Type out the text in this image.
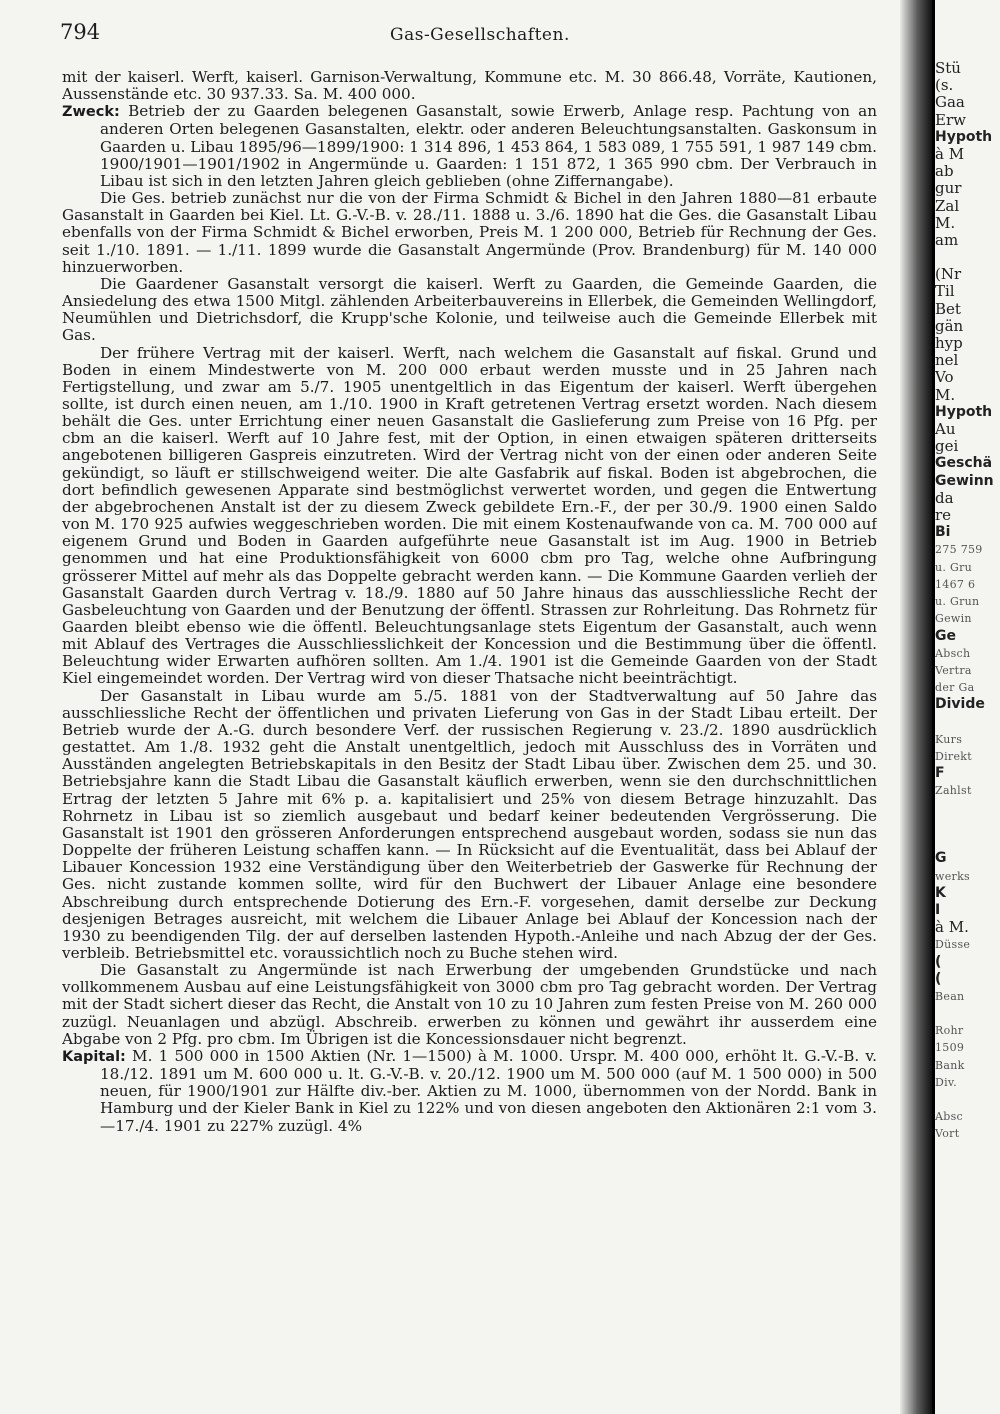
794	Gas-Gesellschaften.

mit der kaiserl. Werft, kaiserl. Garnison-Verwaltung, Kommune etc. M. 30 866.48, Vorräte, Kautionen, Aussenstände etc. 30 937.33. Sa. M. 400 000.

Zweck: Betrieb der zu Gaarden belegenen Gasanstalt, sowie Erwerb, Anlage resp. Pachtung von an anderen Orten belegenen Gasanstalten, elektr. oder anderen Beleuchtungsanstalten. Gaskonsum in Gaarden u. Libau 1895/96—1899/1900: 1 314 896, 1 453 864, 1 583 089, 1 755 591, 1 987 149 cbm. 1900/1901—1901/1902 in Angermünde u. Gaarden: 1 151 872, 1 365 990 cbm. Der Verbrauch in Libau ist sich in den letzten Jahren gleich geblieben (ohne Ziffernangabe).

Die Ges. betrieb zunächst nur die von der Firma Schmidt & Bichel in den Jahren 1880—81 erbaute Gasanstalt in Gaarden bei Kiel. Lt. G.-V.-B. v. 28./11. 1888 u. 3./6. 1890 hat die Ges. die Gasanstalt Libau ebenfalls von der Firma Schmidt & Bichel erworben, Preis M. 1 200 000, Betrieb für Rechnung der Ges. seit 1./10. 1891. — 1./11. 1899 wurde die Gasanstalt Angermünde (Prov. Brandenburg) für M. 140 000 hinzuerworben.

Die Gaardener Gasanstalt versorgt die kaiserl. Werft zu Gaarden, die Gemeinde Gaarden, die Ansiedelung des etwa 1500 Mitgl. zählenden Arbeiterbauvereins in Ellerbek, die Gemeinden Wellingdorf, Neumühlen und Dietrichsdorf, die Krupp'sche Kolonie, und teilweise auch die Gemeinde Ellerbek mit Gas.

Der frühere Vertrag mit der kaiserl. Werft, nach welchem die Gasanstalt auf fiskal. Grund und Boden in einem Mindestwerte von M. 200 000 erbaut werden musste und in 25 Jahren nach Fertigstellung, und zwar am 5./7. 1905 unentgeltlich in das Eigentum der kaiserl. Werft übergehen sollte, ist durch einen neuen, am 1./10. 1900 in Kraft getretenen Vertrag ersetzt worden. Nach diesem behält die Ges. unter Errichtung einer neuen Gasanstalt die Gaslieferung zum Preise von 16 Pfg. per cbm an die kaiserl. Werft auf 10 Jahre fest, mit der Option, in einen etwaigen späteren dritterseits angebotenen billigeren Gaspreis einzutreten. Wird der Vertrag nicht von der einen oder anderen Seite gekündigt, so läuft er stillschweigend weiter. Die alte Gasfabrik auf fiskal. Boden ist abgebrochen, die dort befindlich gewesenen Apparate sind bestmöglichst verwertet worden, und gegen die Entwertung der abgebrochenen Anstalt ist der zu diesem Zweck gebildete Ern.-F., der per 30./9. 1900 einen Saldo von M. 170 925 aufwies weggeschrieben worden. Die mit einem Kostenaufwande von ca. M. 700 000 auf eigenem Grund und Boden in Gaarden aufgeführte neue Gasanstalt ist im Aug. 1900 in Betrieb genommen und hat eine Produktionsfähigkeit von 6000 cbm pro Tag, welche ohne Aufbringung grösserer Mittel auf mehr als das Doppelte gebracht werden kann. — Die Kommune Gaarden verlieh der Gasanstalt Gaarden durch Vertrag v. 18./9. 1880 auf 50 Jahre hinaus das ausschliessliche Recht der Gasbeleuchtung von Gaarden und der Benutzung der öffentl. Strassen zur Rohrleitung. Das Rohrnetz für Gaarden bleibt ebenso wie die öffentl. Beleuchtungsanlage stets Eigentum der Gasanstalt, auch wenn mit Ablauf des Vertrages die Ausschliesslichkeit der Koncession und die Bestimmung über die öffentl. Beleuchtung wider Erwarten aufhören sollten. Am 1./4. 1901 ist die Gemeinde Gaarden von der Stadt Kiel eingemeindet worden. Der Vertrag wird von dieser Thatsache nicht beeinträchtigt.

Der Gasanstalt in Libau wurde am 5./5. 1881 von der Stadtverwaltung auf 50 Jahre das ausschliessliche Recht der öffentlichen und privaten Lieferung von Gas in der Stadt Libau erteilt. Der Betrieb wurde der A.-G. durch besondere Verf. der russischen Regierung v. 23./2. 1890 ausdrücklich gestattet. Am 1./8. 1932 geht die Anstalt unentgeltlich, jedoch mit Ausschluss des in Vorräten und Ausständen angelegten Betriebskapitals in den Besitz der Stadt Libau über. Zwischen dem 25. und 30. Betriebsjahre kann die Stadt Libau die Gasanstalt käuflich erwerben, wenn sie den durchschnittlichen Ertrag der letzten 5 Jahre mit 6% p. a. kapitalisiert und 25% von diesem Betrage hinzuzahlt. Das Rohrnetz in Libau ist so ziemlich ausgebaut und bedarf keiner bedeutenden Vergrösserung. Die Gasanstalt ist 1901 den grösseren Anforderungen entsprechend ausgebaut worden, sodass sie nun das Doppelte der früheren Leistung schaffen kann. — In Rücksicht auf die Eventualität, dass bei Ablauf der Libauer Koncession 1932 eine Verständigung über den Weiterbetrieb der Gaswerke für Rechnung der Ges. nicht zustande kommen sollte, wird für den Buchwert der Libauer Anlage eine besondere Abschreibung durch entsprechende Dotierung des Ern.-F. vorgesehen, damit derselbe zur Deckung desjenigen Betrages ausreicht, mit welchem die Libauer Anlage bei Ablauf der Koncession nach der 1930 zu beendigenden Tilg. der auf derselben lastenden Hypoth.-Anleihe und nach Abzug der der Ges. verbleib. Betriebsmittel etc. voraussichtlich noch zu Buche stehen wird.

Die Gasanstalt zu Angermünde ist nach Erwerbung der umgebenden Grundstücke und nach vollkommenem Ausbau auf eine Leistungsfähigkeit von 3000 cbm pro Tag gebracht worden. Der Vertrag mit der Stadt sichert dieser das Recht, die Anstalt von 10 zu 10 Jahren zum festen Preise von M. 260 000 zuzügl. Neuanlagen und abzügl. Abschreib. erwerben zu können und gewährt ihr ausserdem eine Abgabe von 2 Pfg. pro cbm. Im Übrigen ist die Koncessionsdauer nicht begrenzt.

Kapital: M. 1 500 000 in 1500 Aktien (Nr. 1—1500) à M. 1000. Urspr. M. 400 000, erhöht lt. G.-V.-B. v. 18./12. 1891 um M. 600 000 u. lt. G.-V.-B. v. 20./12. 1900 um M. 500 000 (auf M. 1 500 000) in 500 neuen, für 1900/1901 zur Hälfte div.-ber. Aktien zu M. 1000, übernommen von der Nordd. Bank in Hamburg und der Kieler Bank in Kiel zu 122% und von diesen angeboten den Aktionären 2:1 vom 3.—17./4. 1901 zu 227% zuzügl. 4%

Stü
(s.
Gaa
Erw
Hypoth
à M
ab
gur
Zal
M.
am
(Nr
Til
Bet
gän
hyp
nel
Vo
M.
Hypoth
Au
gei
Geschä
Gewinn
da
re
Bi
275 759
u. Gru
1467 6
u. Grun
Gewin
Ge
Absch
Vertra
der Ga
Divide
Kurs
Direkt
F
Zahlst
G
werks
K
I
à M.
Düsse
(
(
Bean
Rohr
1509
Bank
Div.
Absc
Vort
